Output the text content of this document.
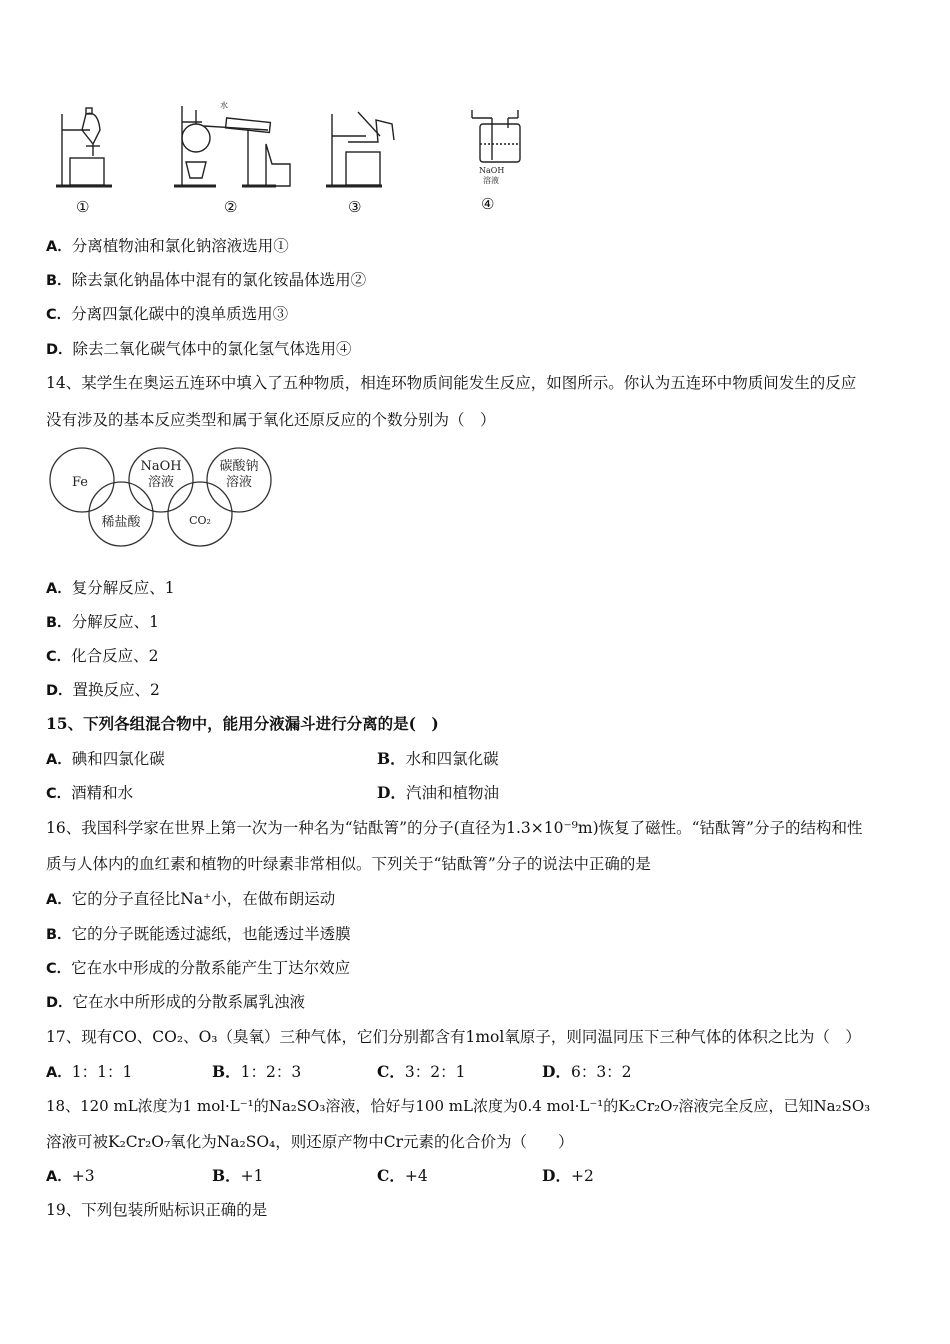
NaOH
溶液
水
①	②	③	④
A．分离植物油和氯化钠溶液选用①
B．除去氯化钠晶体中混有的氯化铵晶体选用②
C．分离四氯化碳中的溴单质选用③
D．除去二氧化碳气体中的氯化氢气体选用④
14、某学生在奥运五连环中填入了五种物质，相连环物质间能发生反应，如图所示。你认为五连环中物质间发生的反应
没有涉及的基本反应类型和属于氧化还原反应的个数分别为（　）
Fe
NaOH
溶液
碳酸钠
溶液
稀盐酸	CO₂
A．复分解反应、1
B．分解反应、1
C．化合反应、2
D．置换反应、2
15、下列各组混合物中，能用分液漏斗进行分离的是(　)
A．碘和四氯化碳	B．水和四氯化碳
C．酒精和水	D．汽油和植物油
16、我国科学家在世界上第一次为一种名为“钴酞箐”的分子(直径为1.3×10⁻⁹m)恢复了磁性。“钴酞箐”分子的结构和性
质与人体内的血红素和植物的叶绿素非常相似。下列关于“钴酞箐”分子的说法中正确的是
A．它的分子直径比Na⁺小，在做布朗运动
B．它的分子既能透过滤纸，也能透过半透膜
C．它在水中形成的分散系能产生丁达尔效应
D．它在水中所形成的分散系属乳浊液
17、现有CO、CO₂、O₃（臭氧）三种气体，它们分别都含有1mol氧原子，则同温同压下三种气体的体积之比为（　）
A．1：1：1	B．1：2：3	C．3：2：1	D．6：3：2
18、120 mL浓度为1 mol·L⁻¹的Na₂SO₃溶液，恰好与100 mL浓度为0.4 mol·L⁻¹的K₂Cr₂O₇溶液完全反应，已知Na₂SO₃
溶液可被K₂Cr₂O₇氧化为Na₂SO₄，则还原产物中Cr元素的化合价为（　　）
A．+3	B．+1	C．+4	D．+2
19、下列包装所贴标识正确的是
